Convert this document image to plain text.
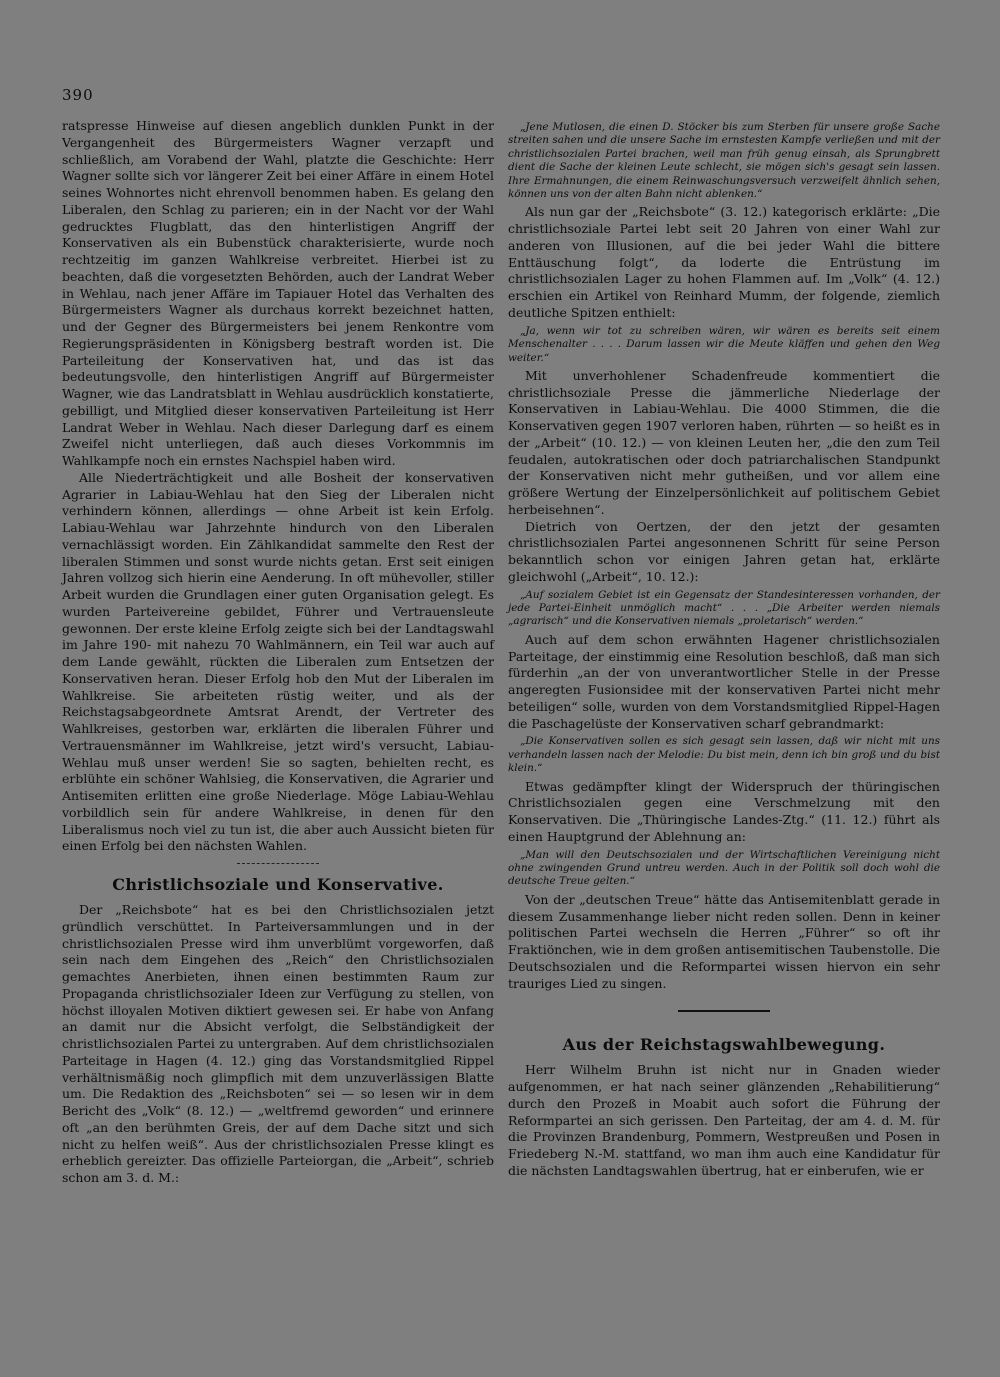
390

ratspresse Hinweise auf diesen angeblich dunklen Punkt in der Vergangenheit des Bürgermeisters Wagner verzapft und schließlich, am Vorabend der Wahl, platzte die Geschichte: Herr Wagner sollte sich vor längerer Zeit bei einer Affäre in einem Hotel seines Wohnortes nicht ehrenvoll benommen haben. Es gelang den Liberalen, den Schlag zu parieren; ein in der Nacht vor der Wahl gedrucktes Flugblatt, das den hinterlistigen Angriff der Konservativen als ein Bubenstück charakterisierte, wurde noch rechtzeitig im ganzen Wahlkreise verbreitet. Hierbei ist zu beachten, daß die vorgesetzten Behörden, auch der Landrat Weber in Wehlau, nach jener Affäre im Tapiauer Hotel das Verhalten des Bürgermeisters Wagner als durchaus korrekt bezeichnet hatten, und der Gegner des Bürgermeisters bei jenem Renkontre vom Regierungspräsidenten in Königsberg bestraft worden ist. Die Parteileitung der Konservativen hat, und das ist das bedeutungsvolle, den hinterlistigen Angriff auf Bürgermeister Wagner, wie das Landratsblatt in Wehlau ausdrücklich konstatierte, gebilligt, und Mitglied dieser konservativen Parteileitung ist Herr Landrat Weber in Wehlau. Nach dieser Darlegung darf es einem Zweifel nicht unterliegen, daß auch dieses Vorkommnis im Wahlkampfe noch ein ernstes Nachspiel haben wird.

Alle Niederträchtigkeit und alle Bosheit der konservativen Agrarier in Labiau-Wehlau hat den Sieg der Liberalen nicht verhindern können, allerdings — ohne Arbeit ist kein Erfolg. Labiau-Wehlau war Jahrzehnte hindurch von den Liberalen vernachlässigt worden. Ein Zählkandidat sammelte den Rest der liberalen Stimmen und sonst wurde nichts getan. Erst seit einigen Jahren vollzog sich hierin eine Aenderung. In oft mühevoller, stiller Arbeit wurden die Grundlagen einer guten Organisation gelegt. Es wurden Parteivereine gebildet, Führer und Vertrauensleute gewonnen. Der erste kleine Erfolg zeigte sich bei der Landtagswahl im Jahre 190- mit nahezu 70 Wahlmännern, ein Teil war auch auf dem Lande gewählt, rückten die Liberalen zum Entsetzen der Konservativen heran. Dieser Erfolg hob den Mut der Liberalen im Wahlkreise. Sie arbeiteten rüstig weiter, und als der Reichstagsabgeordnete Amtsrat Arendt, der Vertreter des Wahlkreises, gestorben war, erklärten die liberalen Führer und Vertrauensmänner im Wahlkreise, jetzt wird's versucht, Labiau-Wehlau muß unser werden! Sie so sagten, behielten recht, es erblühte ein schöner Wahlsieg, die Konservativen, die Agrarier und Antisemiten erlitten eine große Niederlage. Möge Labiau-Wehlau vorbildlich sein für andere Wahlkreise, in denen für den Liberalismus noch viel zu tun ist, die aber auch Aussicht bieten für einen Erfolg bei den nächsten Wahlen.

Christlichsoziale und Konservative.

Der „Reichsbote“ hat es bei den Christlichsozialen jetzt gründlich verschüttet. In Parteiversammlungen und in der christlichsozialen Presse wird ihm unverblümt vorgeworfen, daß sein nach dem Eingehen des „Reich“ den Christlichsozialen gemachtes Anerbieten, ihnen einen bestimmten Raum zur Propaganda christlichsozialer Ideen zur Verfügung zu stellen, von höchst illoyalen Motiven diktiert gewesen sei. Er habe von Anfang an damit nur die Absicht verfolgt, die Selbständigkeit der christlichsozialen Partei zu untergraben. Auf dem christlichsozialen Parteitage in Hagen (4. 12.) ging das Vorstandsmitglied Rippel verhältnismäßig noch glimpflich mit dem unzuverlässigen Blatte um. Die Redaktion des „Reichsboten“ sei — so lesen wir in dem Bericht des „Volk“ (8. 12.) — „weltfremd geworden“ und erinnere oft „an den berühmten Greis, der auf dem Dache sitzt und sich nicht zu helfen weiß“. Aus der christlichsozialen Presse klingt es erheblich gereizter. Das offizielle Parteiorgan, die „Arbeit“, schrieb schon am 3. d. M.:

„Jene Mutlosen, die einen D. Stöcker bis zum Sterben für unsere große Sache streiten sahen und die unsere Sache im ernstesten Kampfe verließen und mit der christlichsozialen Partei brachen, weil man früh genug einsah, als Sprungbrett dient die Sache der kleinen Leute schlecht, sie mögen sich's gesagt sein lassen. Ihre Ermahnungen, die einem Reinwaschungsversuch verzweifelt ähnlich sehen, können uns von der alten Bahn nicht ablenken.“

Als nun gar der „Reichsbote“ (3. 12.) kategorisch erklärte: „Die christlichsoziale Partei lebt seit 20 Jahren von einer Wahl zur anderen von Illusionen, auf die bei jeder Wahl die bittere Enttäuschung folgt“, da loderte die Entrüstung im christlichsozialen Lager zu hohen Flammen auf. Im „Volk“ (4. 12.) erschien ein Artikel von Reinhard Mumm, der folgende, ziemlich deutliche Spitzen enthielt:

„Ja, wenn wir tot zu schreiben wären, wir wären es bereits seit einem Menschenalter . . . . Darum lassen wir die Meute kläffen und gehen den Weg weiter.“

Mit unverhohlener Schadenfreude kommentiert die christlichsoziale Presse die jämmerliche Niederlage der Konservativen in Labiau-Wehlau. Die 4000 Stimmen, die die Konservativen gegen 1907 verloren haben, rührten — so heißt es in der „Arbeit“ (10. 12.) — von kleinen Leuten her, „die den zum Teil feudalen, autokratischen oder doch patriarchalischen Standpunkt der Konservativen nicht mehr gutheißen, und vor allem eine größere Wertung der Einzelpersönlichkeit auf politischem Gebiet herbeisehnen“.

Dietrich von Oertzen, der den jetzt der gesamten christlichsozialen Partei angesonnenen Schritt für seine Person bekanntlich schon vor einigen Jahren getan hat, erklärte gleichwohl („Arbeit“, 10. 12.):

„Auf sozialem Gebiet ist ein Gegensatz der Standesinteressen vorhanden, der jede Partei-Einheit unmöglich macht“ . . . „Die Arbeiter werden niemals „agrarisch“ und die Konservativen niemals „proletarisch“ werden.“

Auch auf dem schon erwähnten Hagener christlichsozialen Parteitage, der einstimmig eine Resolution beschloß, daß man sich fürderhin „an der von unverantwortlicher Stelle in der Presse angeregten Fusionsidee mit der konservativen Partei nicht mehr beteiligen“ solle, wurden von dem Vorstandsmitglied Rippel-Hagen die Paschagelüste der Konservativen scharf gebrandmarkt:

„Die Konservativen sollen es sich gesagt sein lassen, daß wir nicht mit uns verhandeln lassen nach der Melodie: Du bist mein, denn ich bin groß und du bist klein.“

Etwas gedämpfter klingt der Widerspruch der thüringischen Christlichsozialen gegen eine Verschmelzung mit den Konservativen. Die „Thüringische Landes-Ztg.“ (11. 12.) führt als einen Hauptgrund der Ablehnung an:

„Man will den Deutschsozialen und der Wirtschaftlichen Vereinigung nicht ohne zwingenden Grund untreu werden. Auch in der Politik soll doch wohl die deutsche Treue gelten.“

Von der „deutschen Treue“ hätte das Antisemitenblatt gerade in diesem Zusammenhange lieber nicht reden sollen. Denn in keiner politischen Partei wechseln die Herren „Führer“ so oft ihr Fraktiönchen, wie in dem großen antisemitischen Taubenstolle. Die Deutschsozialen und die Reformpartei wissen hiervon ein sehr trauriges Lied zu singen.

Aus der Reichstagswahlbewegung.

Herr Wilhelm Bruhn ist nicht nur in Gnaden wieder aufgenommen, er hat nach seiner glänzenden „Rehabilitierung“ durch den Prozeß in Moabit auch sofort die Führung der Reformpartei an sich gerissen. Den Parteitag, der am 4. d. M. für die Provinzen Brandenburg, Pommern, Westpreußen und Posen in Friedeberg N.-M. stattfand, wo man ihm auch eine Kandidatur für die nächsten Landtagswahlen übertrug, hat er einberufen, wie er
